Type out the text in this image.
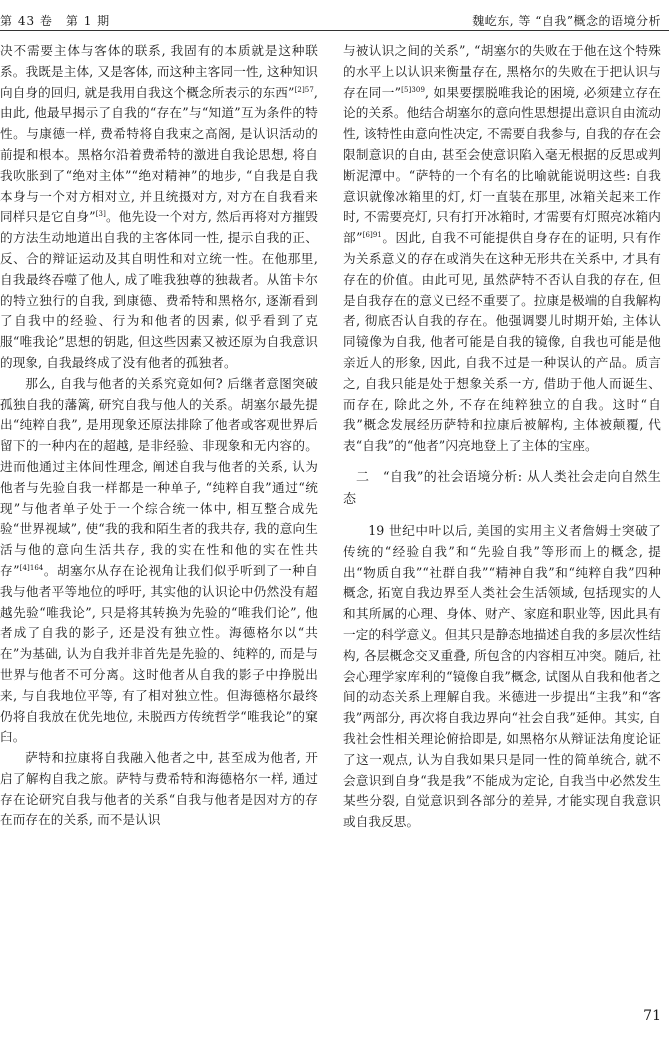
第 43 卷　第 1 期	魏屹东, 等 “自我”概念的语境分析

决不需要主体与客体的联系, 我固有的本质就是这种联系。我既是主体, 又是客体, 而这种主客同一性, 这种知识向自身的回归, 就是我用自我这个概念所表示的东西”$^{[2]57}$, 由此, 他最早揭示了自我的“存在”与“知道”互为条件的特性。与康德一样, 费希特将自我束之高阁, 是认识活动的前提和根本。黑格尔沿着费希特的激进自我论思想, 将自我吹胀到了“绝对主体”“绝对精神”的地步, “自我是自我本身与一个对方相对立, 并且统摄对方, 对方在自我看来同样只是它自身”[3]。他先设一个对方, 然后再将对方摧毁的方法生动地道出自我的主客体同一性, 提示自我的正、反、合的辩证运动及其自明性和对立统一性。在他那里, 自我最终吞噬了他人, 成了唯我独尊的独裁者。从笛卡尔的特立独行的自我, 到康德、费希特和黑格尔, 逐渐看到了自我中的经验、行为和他者的因素, 似乎看到了克服“唯我论”思想的钥匙, 但这些因素又被还原为自我意识的现象, 自我最终成了没有他者的孤独者。

那么, 自我与他者的关系究竟如何? 后继者意图突破孤独自我的藩篱, 研究自我与他人的关系。胡塞尔最先提出“纯粹自我”, 是用现象还原法排除了他者或客观世界后留下的一种内在的超越, 是非经验、非现象和无内容的。进而他通过主体间性理念, 阐述自我与他者的关系, 认为他者与先验自我一样都是一种单子, “纯粹自我”通过“统现”与他者单子处于一个综合统一体中, 相互整合成先验“世界视域”, 使“我的我和陌生者的我共存, 我的意向生活与他的意向生活共存, 我的实在性和他的实在性共存”$^{[4]164}$。胡塞尔从存在论视角让我们似乎听到了一种自我与他者平等地位的呼吁, 其实他的认识论中仍然没有超越先验“唯我论”, 只是将其转换为先验的“唯我们论”, 他者成了自我的影子, 还是没有独立性。海德格尔以“共在”为基础, 认为自我并非首先是先验的、纯粹的, 而是与世界与他者不可分离。这时他者从自我的影子中挣脱出来, 与自我地位平等, 有了相对独立性。但海德格尔最终仍将自我放在优先地位, 未脱西方传统哲学“唯我论”的窠臼。

萨特和拉康将自我融入他者之中, 甚至成为他者, 开启了解构自我之旅。萨特与费希特和海德格尔一样, 通过存在论研究自我与他者的关系“自我与他者是因对方的存在而存在的关系, 而不是认识

与被认识之间的关系”, “胡塞尔的失败在于他在这个特殊的水平上以认识来衡量存在, 黑格尔的失败在于把认识与存在同一”$^{[5]309}$, 如果要摆脱唯我论的困境, 必须建立存在论的关系。他结合胡塞尔的意向性思想提出意识自由流动性, 该特性由意向性决定, 不需要自我参与, 自我的存在会限制意识的自由, 甚至会使意识陷入毫无根据的反思或判断泥潭中。“萨特的一个有名的比喻就能说明这些: 自我意识就像冰箱里的灯, 灯一直装在那里, 冰箱关起来工作时, 不需要亮灯, 只有打开冰箱时, 才需要有灯照亮冰箱内部”$^{[6]91}$。因此, 自我不可能提供自身存在的证明, 只有作为关系意义的存在或消失在这种无形共在关系中, 才具有存在的价值。由此可见, 虽然萨特不否认自我的存在, 但是自我存在的意义已经不重要了。拉康是极端的自我解构者, 彻底否认自我的存在。他强调婴儿时期开始, 主体认同镜像为自我, 他者可能是自我的镜像, 自我也可能是他亲近人的形象, 因此, 自我不过是一种误认的产品。质言之, 自我只能是处于想象关系一方, 借助于他人而诞生、而存在, 除此之外, 不存在纯粹独立的自我。这时“自我”概念发展经历萨特和拉康后被解构, 主体被颠覆, 代表“自我”的“他者”闪亮地登上了主体的宝座。

二　“自我”的社会语境分析: 从人类社会走向自然生态

19 世纪中叶以后, 美国的实用主义者詹姆士突破了传统的“经验自我”和“先验自我”等形而上的概念, 提出“物质自我”“社群自我”“精神自我”和“纯粹自我”四种概念, 拓宽自我边界至人类社会生活领域, 包括现实的人和其所属的心理、身体、财产、家庭和职业等, 因此具有一定的科学意义。但其只是静态地描述自我的多层次性结构, 各层概念交叉重叠, 所包含的内容相互冲突。随后, 社会心理学家库利的“镜像自我”概念, 试图从自我和他者之间的动态关系上理解自我。米德进一步提出“主我”和“客我”两部分, 再次将自我边界向“社会自我”延伸。其实, 自我社会性相关理论俯拾即是, 如黑格尔从辩证法角度论证了这一观点, 认为自我如果只是同一性的简单统合, 就不会意识到自身“我是我”不能成为定论, 自我当中必然发生某些分裂, 自觉意识到各部分的差异, 才能实现自我意识或自我反思。

71
